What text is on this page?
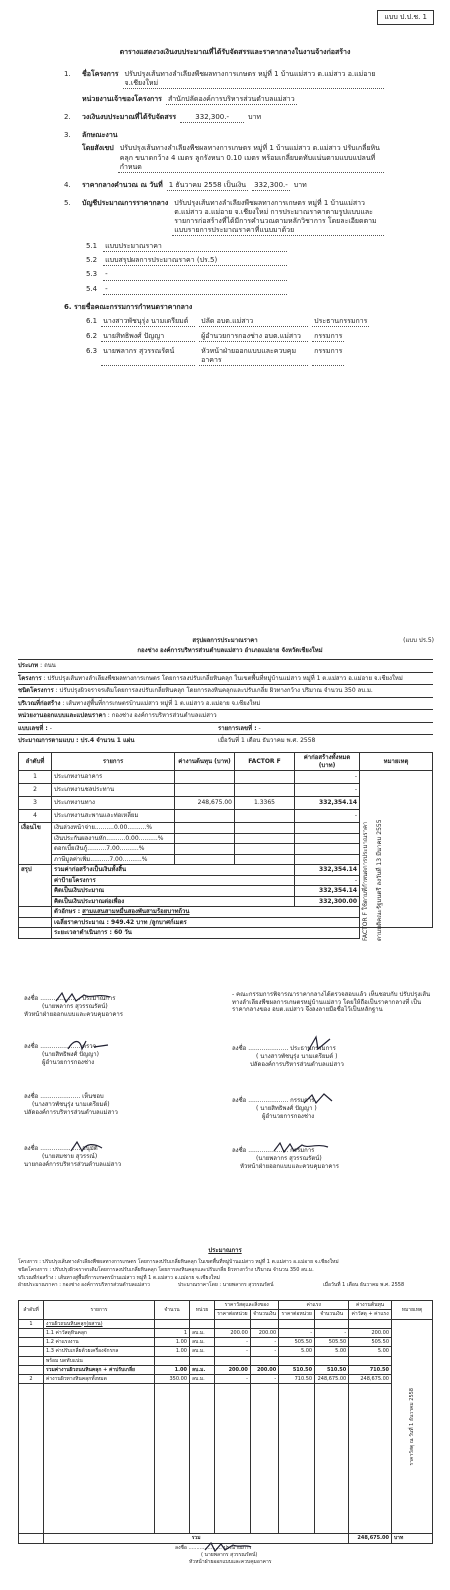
แบบ ป.ป.ช. 1
ตารางแสดงวงเงินงบประมาณที่ได้รับจัดสรรและราคากลางในงานจ้างก่อสร้าง
1.	ชื่อโครงการ ปรับปรุงเส้นทางลำเลียงพืชผลทางการเกษตร หมู่ที่ 1 บ้านแม่สาว ต.แม่สาว อ.แม่อาย จ.เชียงใหม่
หน่วยงานเจ้าของโครงการ สำนักปลัดองค์การบริหารส่วนตำบลแม่สาว
2.	วงเงินงบประมาณที่ได้รับจัดสรร	332,300.-	บาท
3.	ลักษณะงาน
โดยสังเขป ปรับปรุงเส้นทางลำเลียงพืชผลทางการเกษตร หมู่ที่ 1 บ้านแม่สาว ต.แม่สาว ปรับเกลี่ยหินคลุก ขนาดกว้าง 4 เมตร ลูกรังหนา 0.10 เมตร พร้อมเกลี่ยบดทับแน่นตามแบบแปลนที่กำหนด
4.	ราคากลางคำนวณ ณ วันที่ 1 ธันวาคม 2558 เป็นเงิน 332,300.- บาท
5.	บัญชีประมาณการราคากลาง ปรับปรุงเส้นทางลำเลียงพืชผลทางการเกษตร หมู่ที่ 1 บ้านแม่สาว ต.แม่สาว อ.แม่อาย จ.เชียงใหม่ การประมาณราคาตามรูปแบบและรายการก่อสร้างที่ได้มีการคำนวณตามหลักวิชาการ โดยละเอียดตามแบบรายการประมาณราคาที่แนบมาด้วย
5.1 แบบประมาณราคา
5.2 แบบสรุปผลการประมาณราคา (ปร.5)
5.3 -
5.4 -
6. รายชื่อคณะกรรมการกำหนดราคากลาง
6.1 นางสาวพัชนุรุ่ง นามเดรียมต์	ปลัด อบต.แม่สาว	ประธานกรรมการ
6.2 นายสิทธิพงศ์ ปัญญา	ผู้อำนวยการกองช่าง อบต.แม่สาว	กรรมการ
6.3 นายพลากร สุวรรณรัตน์	หัวหน้าฝ่ายออกแบบและควบคุมอาคาร
กรรมการ
สรุปผลการประมาณราคา	(แบบ ปร.5)
กองช่าง องค์การบริหารส่วนตำบลแม่สาว อำเภอแม่อาย จังหวัดเชียงใหม่
ประเภท : ถนน
โครงการ : ปรับปรุงเส้นทางลำเลียงพืชผลทางการเกษตร โดยการลงปรับเกลี่ยหินคลุก ในเขตพื้นที่หมู่บ้านแม่สาว หมู่ที่ 1 ต.แม่สาว อ.แม่อาย จ.เชียงใหม่
ชนิดโครงการ : ปรับปรุงผิวจราจรเดิมโดยการลงปรับเกลี่ยหินคลุก โดยการลงหินคลุกและปรับเกลี่ย ผิวทางกว้าง ปริมาณ จำนวน 350 ลบ.ม.
บริเวณที่ก่อสร้าง : เส้นทางสู่พื้นที่การเกษตรบ้านแม่สาว หมู่ที่ 1 ต.แม่สาว อ.แม่อาย จ.เชียงใหม่
หน่วยงานออกแบบและแปลนราคา : กองช่าง องค์การบริหารส่วนตำบลแม่สาว
แบบเลขที่ : -	รายการเลขที่ : -
ประมาณการตามแบบ : ปร.4 จำนวน 1 แผ่น	เมื่อวันที่ 1 เดือน ธันวาคม พ.ศ. 2558
ลำดับที่	รายการ	ค่างานต้นทุน (บาท)	FACTOR F	ค่าก่อสร้างทั้งหมด (บาท)	หมายเหตุ
1	ประเภทงานอาคาร			-	FACTOR F ใช้ตามที่กำหนดการประมาณราคา ตามมติคณะรัฐมนตรี ลงวันที่ 13 มีนาคม 2555

2	ประเภทงานชลประทาน			-	
3	ประเภทงานทาง	248,675.00	1.3365	332,354.14	
4	ประเภทงานสะพานและท่อเหลี่ยม			-	
เงื่อนไข	เงินล่วงหน้าจ่าย..........0.00..........%				
	เงินประกันผลงานหัก..........0.00..........%				
	ดอกเบี้ยเงินกู้..........7.00..........%				
	ภาษีมูลค่าเพิ่ม..........7.00..........%				
สรุป	รวมค่าก่อสร้างเป็นเงินทั้งสิ้น			332,354.14	
	ค่าป้ายโครงการ			-	
	คิดเป็นเงินประมาณ			332,354.14	
	คิดเป็นเงินประมาณต่อเพื่อง			332,300.00	
	ตัวอักษร : สามแสนสามหมื่นสองพันสามร้อยบาทถ้วน				
	เฉลี่ยราคาประมาณ : 949.42 บาท /ลูกบาศก์เมตร				
	ระยะเวลาดำเนินการ : 60 วัน				
- คณะกรรมการพิจารณาราคากลางได้ตรวจสอบแล้ว เห็นชอบกับ ปรับปรุงเส้นทางลำเลียงพืชผลการเกษตรหมู่บ้านแม่สาว โดยให้ถือเป็นราคากลางที่ เป็นราคากลางของ อบต.แม่สาว จึงลงลายมือชื่อไว้เป็นหลักฐาน
ลงชื่อ ..................... ประมาณการ
(นายพลากร สุวรรณรัตน์)
หัวหน้าฝ่ายออกแบบและควบคุมอาคาร
ลงชื่อ ..................... ตรวจ
(นายสิทธิพงศ์ ปัญญา)
ผู้อำนวยการกองช่าง
ลงชื่อ ..................... เห็นชอบ
(นางสาวพัชนุรุ่ง นามเดรียมต์)
ปลัดองค์การบริหารส่วนตำบลแม่สาว
ลงชื่อ ..................... อนุมัติ
(นายสมชาย สุวรรณ์)
นายกองค์การบริหารส่วนตำบลแม่สาว
ลงชื่อ ..................... ประธานกรรมการ
( นางสาวพัชนุรุ่ง นามเดรียมต์ )
ปลัดองค์การบริหารส่วนตำบลแม่สาว
ลงชื่อ ..................... กรรมการ
( นายสิทธิพงศ์ ปัญญา )
ผู้อำนวยการกองช่าง
ลงชื่อ ..................... กรรมการ
(นายพลากร สุวรรณรัตน์)
หัวหน้าฝ่ายออกแบบและควบคุมอาคาร
ประมาณการ
โครงการ : ปรับปรุงเส้นทางลำเลียงพืชผลทางการเกษตร โดยการลงปรับเกลี่ยหินคลุก ในเขตพื้นที่หมู่บ้านแม่สาว หมู่ที่ 1 ต.แม่สาว อ.แม่อาย จ.เชียงใหม่
ชนิดโครงการ : ปรับปรุงผิวจราจรเดิมโดยการลงปรับเกลี่ยหินคลุก โดยการลงหินคลุกและปรับเกลี่ย ผิวทางกว้าง ปริมาณ จำนวน 350 ลบ.ม.
บริเวณที่ก่อสร้าง : เส้นทางสู่พื้นที่การเกษตรบ้านแม่สาว หมู่ที่ 1 ต.แม่สาว อ.แม่อาย จ.เชียงใหม่
ฝ่ายประมาณราคา : กองช่าง องค์การบริหารส่วนตำบลแม่สาว	ประมาณราคาโดย : นายพลากร สุวรรณรัตน์	เมื่อวันที่ 1 เดือน ธันวาคม พ.ศ. 2558
ลำดับที่	รายการ	จำนวน	หน่วย	ราคาวัสดุและสิ่งของ		ค่าแรง		ค่างานต้นทุน	หมายเหตุ
				ราคาต่อหน่วย	จำนวนเงิน	ราคาต่อหน่วย	จำนวนเงิน	ค่าวัสดุ + ค่าแรง	
1	งานผิวถนนหินคลุก(ผสาน)								ราคาวัสดุ ณ วันที่ 1 ธันวาคม 2558

	1.1 ค่าวัสดุหินคลุก	1	ลบ.ม.	200.00	200.00	-	-	200.00	
	1.2 ค่าแรงงาน	1.00	ลบ.ม.	-	-	505.50	505.50	505.50	
	1.3 ค่าปรับเกลี่ยด้วยเครื่องจักรกล	1.00	ลบ.ม.	-	-	5.00	5.00	5.00	
	พร้อม บดทับแน่น								
	รวมค่างานผิวถนนหินคลุก + ค่าปรับเกลี่ย	1.00	ลบ.ม.	200.00	200.00	510.50	510.50	710.50	
2	ค่างานผิวทางหินคลุกทั้งหมด	350.00	ลบ.ม.	-	-	710.50	248,675.00	248,675.00	

	รวม							248,675.00	บาท
ลงชื่อ ..................... ประมาณการ
( นายพลากร สุวรรณรัตน์)
หัวหน้าฝ่ายออกแบบและควบคุมอาคาร
